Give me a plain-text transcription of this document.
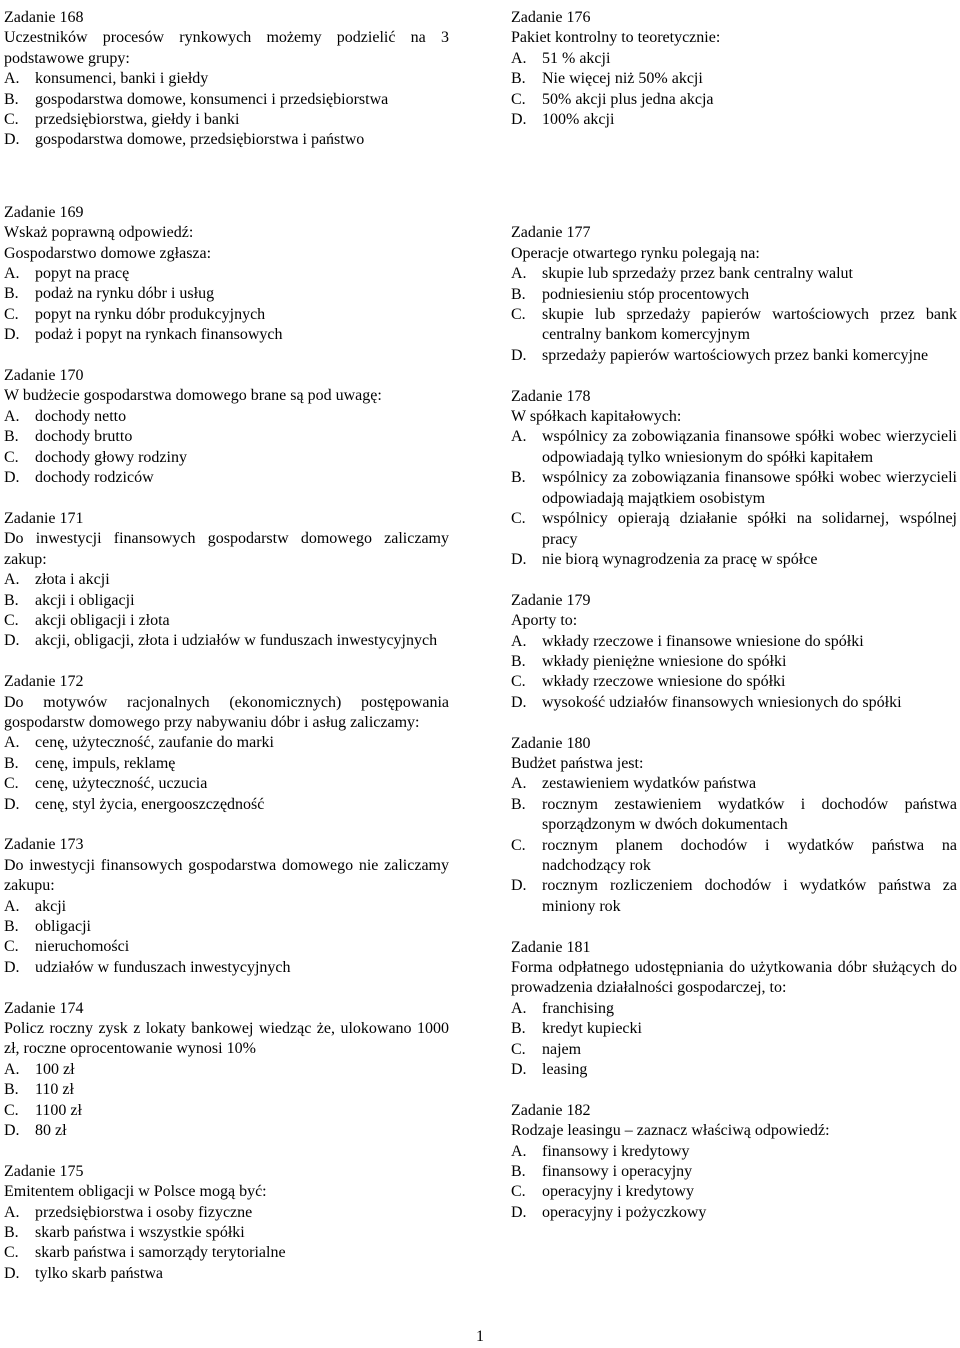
Zadanie 168
Uczestników procesów rynkowych możemy podzielić na 3 podstawowe grupy:
A. konsumenci, banki i giełdy
B.	gospodarstwa domowe, konsumenci i przedsiębiorstwa
C.	przedsiębiorstwa, giełdy i banki
D. gospodarstwa domowe, przedsiębiorstwa i państwo
Zadanie 169
Wskaż poprawną odpowiedź:
Gospodarstwo domowe zgłasza:
A. popyt na pracę
B.	podaż na rynku dóbr i usług
C.	popyt na rynku dóbr produkcyjnych
D. podaż i popyt na rynkach finansowych
Zadanie 170
W budżecie gospodarstwa domowego brane są pod uwagę:
A. dochody netto
B.	dochody brutto
C.	dochody głowy rodziny
D. dochody rodziców
Zadanie 171
Do inwestycji finansowych gospodarstw domowego zaliczamy zakup:
A. złota i akcji
B.	akcji i obligacji
C.	akcji obligacji i złota
D. akcji, obligacji, złota i udziałów w funduszach inwestycyjnych
Zadanie 172
Do motywów racjonalnych (ekonomicznych) postępowania gospodarstw domowego przy nabywaniu dóbr i asług zaliczamy:
A. cenę, użyteczność, zaufanie do marki
B.	cenę, impuls, reklamę
C.	cenę, użyteczność, uczucia
D. cenę, styl życia, energooszczędność
Zadanie 173
Do inwestycji finansowych gospodarstwa domowego nie zaliczamy zakupu:
A. akcji
B.	obligacji
C.	nieruchomości
D. udziałów w funduszach inwestycyjnych
Zadanie 174
Policz roczny zysk z lokaty bankowej wiedząc że, ulokowano 1000 zł, roczne oprocentowanie wynosi 10%
A. 100 zł
B.	110 zł
C.	1100 zł
D. 80 zł
Zadanie 175
Emitentem obligacji w Polsce mogą być:
A. przedsiębiorstwa i osoby fizyczne
B.	skarb państwa i wszystkie spółki
C.	skarb państwa i samorządy terytorialne
D. tylko skarb państwa
Zadanie 176
Pakiet kontrolny to teoretycznie:
A. 51 % akcji
B.	Nie więcej niż 50% akcji
C.	50% akcji plus jedna akcja
D. 100% akcji
Zadanie 177
Operacje otwartego rynku polegają na:
A. skupie lub sprzedaży przez bank centralny walut
B.	podniesieniu stóp procentowych
C.	skupie lub sprzedaży papierów wartościowych przez bank centralny bankom komercyjnym
D. sprzedaży papierów wartościowych przez banki komercyjne
Zadanie 178
W spółkach kapitałowych:
A. wspólnicy za zobowiązania finansowe spółki wobec wierzycieli odpowiadają tylko wniesionym do spółki kapitałem
B.	wspólnicy za zobowiązania finansowe spółki wobec wierzycieli odpowiadają majątkiem osobistym
C.	wspólnicy opierają działanie spółki na solidarnej, wspólnej pracy
D. nie biorą wynagrodzenia za pracę w spółce
Zadanie 179
Aporty to:
A. wkłady rzeczowe i finansowe wniesione do spółki
B.	wkłady pieniężne wniesione do spółki
C.	wkłady rzeczowe wniesione do spółki
D. wysokość udziałów finansowych wniesionych do spółki
Zadanie 180
Budżet państwa jest:
A. zestawieniem wydatków państwa
B.	rocznym zestawieniem wydatków i dochodów państwa sporządzonym w dwóch dokumentach
C.	rocznym planem dochodów i wydatków państwa na nadchodzący rok
D. rocznym rozliczeniem dochodów i wydatków państwa za miniony rok
Zadanie 181
Forma odpłatnego udostępniania do użytkowania dóbr służących do prowadzenia działalności gospodarczej, to:
A. franchising
B.	kredyt kupiecki
C.	najem
D. leasing
Zadanie 182
Rodzaje leasingu – zaznacz właściwą odpowiedź:
A. finansowy i kredytowy
B.	finansowy i operacyjny
C.	operacyjny i kredytowy
D. operacyjny i pożyczkowy
1
